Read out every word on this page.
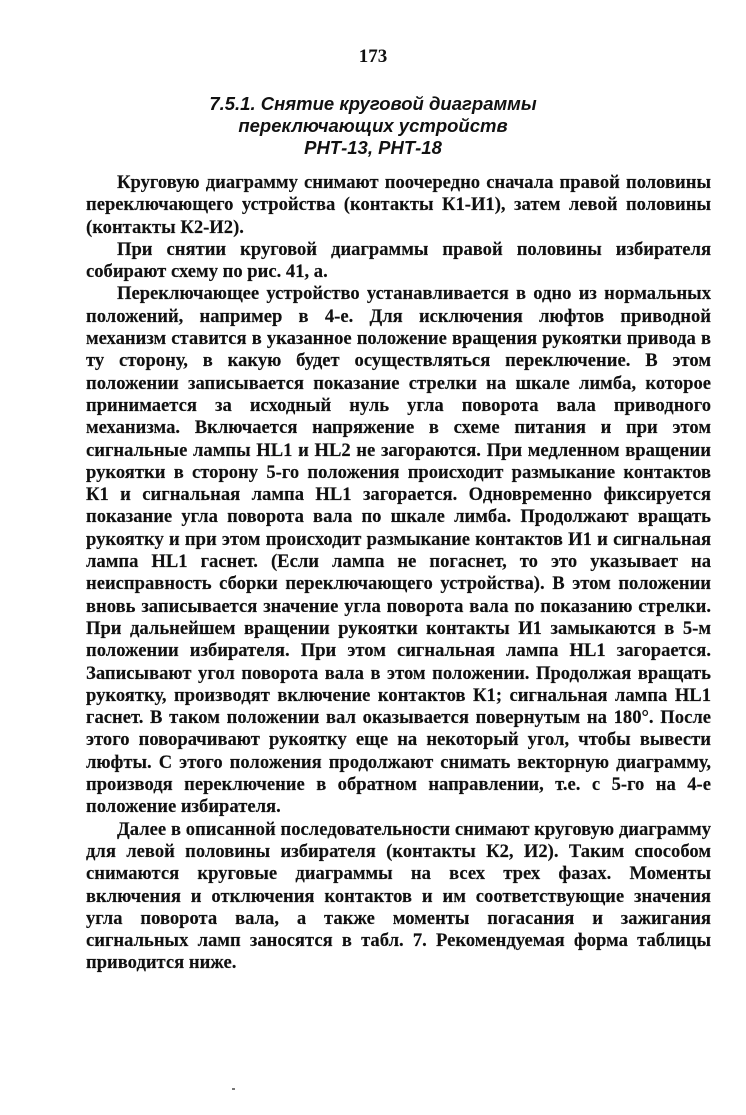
173
7.5.1. Снятие круговой диаграммы
переключающих устройств
РНТ-13, РНТ-18

Круговую диаграмму снимают поочередно сначала правой половины переключающего устройства (контакты К1-И1), затем левой половины (контакты К2-И2).

При снятии круговой диаграммы правой половины избирателя собирают схему по рис. 41, а.

Переключающее устройство устанавливается в одно из нормальных положений, например в 4-е. Для исключения люфтов приводной механизм ставится в указанное положение вращения рукоятки привода в ту сторону, в какую будет осуществляться переключение. В этом положении записывается показание стрелки на шкале лимба, которое принимается за исходный нуль угла поворота вала приводного механизма. Включается напряжение в схеме питания и при этом сигнальные лампы HL1 и HL2 не загораются. При медленном вращении рукоятки в сторону 5-го положения происходит размыкание контактов К1 и сигнальная лампа HL1 загорается. Одновременно фиксируется показание угла поворота вала по шкале лимба. Продолжают вращать рукоятку и при этом происходит размыкание контактов И1 и сигнальная лампа HL1 гаснет. (Если лампа не погаснет, то это указывает на неисправность сборки переключающего устройства). В этом положении вновь записывается значение угла поворота вала по показанию стрелки. При дальнейшем вращении рукоятки контакты И1 замыкаются в 5-м положении избирателя. При этом сигнальная лампа HL1 загорается. Записывают угол поворота вала в этом положении. Продолжая вращать рукоятку, производят включение контактов К1; сигнальная лампа HL1 гаснет. В таком положении вал оказывается повернутым на 180°. После этого поворачивают рукоятку еще на некоторый угол, чтобы вывести люфты. С этого положения продолжают снимать векторную диаграмму, производя переключение в обратном направлении, т.е. с 5-го на 4-е положение избирателя.

Далее в описанной последовательности снимают круговую диаграмму для левой половины избирателя (контакты К2, И2). Таким способом снимаются круговые диаграммы на всех трех фазах. Моменты включения и отключения контактов и им соответствующие значения угла поворота вала, а также моменты погасания и зажигания сигнальных ламп заносятся в табл. 7. Рекомендуемая форма таблицы приводится ниже.
